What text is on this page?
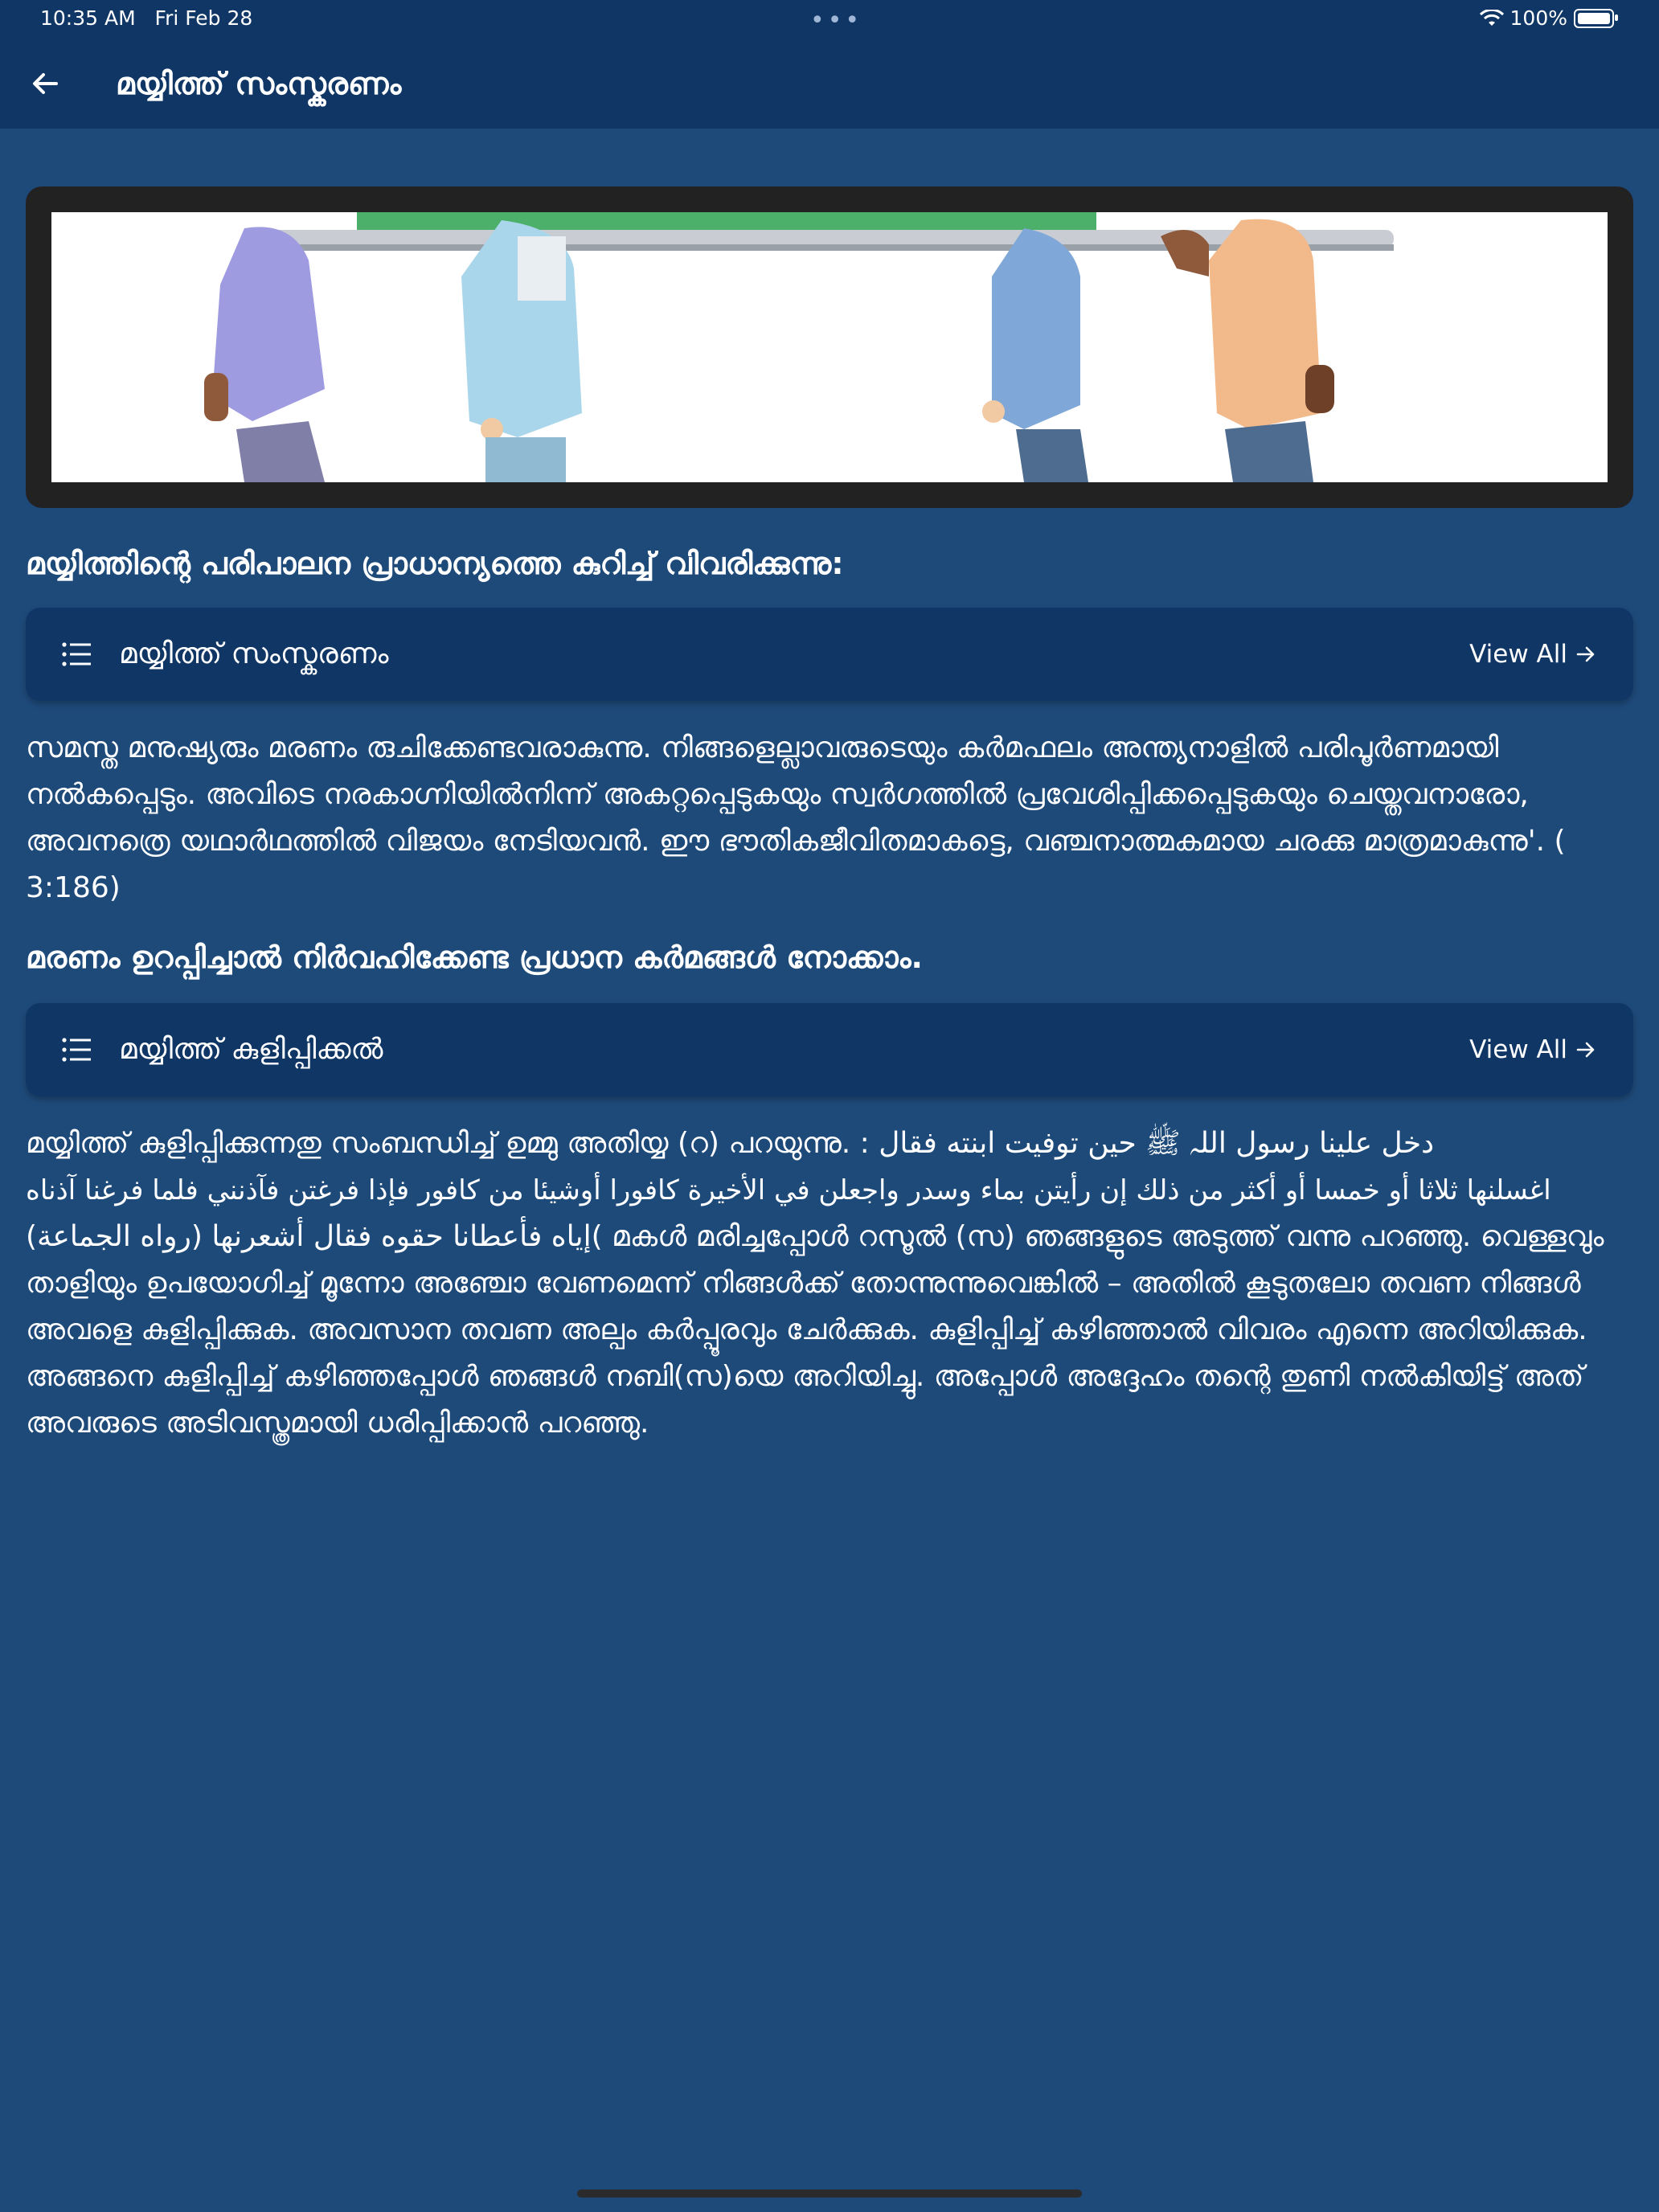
10:35 AM Fri Feb 28	•••	100%
മയ്യിത്ത് സംസ്കരണം
മയ്യിത്തിന്റെ പരിപാലന പ്രാധാന്യത്തെ കുറിച്ച് വിവരിക്കുന്നു:
മയ്യിത്ത് സംസ്കരണം	View All

സമസ്ത മനുഷ്യരും മരണം രുചിക്കേണ്ടവരാകുന്നു. നിങ്ങളെല്ലാവരുടെയും കർമഫലം അന്ത്യനാളിൽ പരിപൂർണമായി നൽകപ്പെടും. അവിടെ നരകാഗ്നിയിൽനിന്ന് അകറ്റപ്പെടുകയും സ്വർഗത്തിൽ പ്രവേശിപ്പിക്കപ്പെടുകയും ചെയ്തവനാരോ, അവനത്രെ യഥാർഥത്തിൽ വിജയം നേടിയവൻ. ഈ ഭൗതികജീവിതമാകട്ടെ, വഞ്ചനാത്മകമായ ചരക്കു മാത്രമാകുന്നു'. ( 3:186)

മരണം ഉറപ്പിച്ചാൽ നിർവഹിക്കേണ്ട പ്രധാന കർമങ്ങൾ നോക്കാം.
മയ്യിത്ത് കുളിപ്പിക്കൽ	View All

മയ്യിത്ത് കുളിപ്പിക്കുന്നതു സംബന്ധിച്ച് ഉമ്മു അതിയ്യ (റ) പറയുന്നു. : دخل علينا رسول اللہ ﷺ حين توفيت ابنته فقال

اغسلنها ثلاثا أو خمسا أو أكثر من ذلك إن رأيتن بماء وسدر واجعلن في الأخيرة كافورا أوشيئا من كافور فإذا فرغتن فآذنني فلما فرغنا آذناه

(رواه الجماعة) إياه فأعطانا حقوه فقال أشعرنها( മകൾ മരിച്ചപ്പോൾ റസൂൽ (സ) ഞങ്ങളുടെ അടുത്ത് വന്നു പറഞ്ഞു. വെള്ളവും താളിയും ഉപയോഗിച്ച് മൂന്നോ അഞ്ചോ വേണമെന്ന് നിങ്ങൾക്ക് തോന്നുന്നുവെങ്കിൽ – അതിൽ കൂടുതലോ തവണ നിങ്ങൾ അവളെ കുളിപ്പിക്കുക. അവസാന തവണ അല്പം കർപ്പൂരവും ചേർക്കുക. കുളിപ്പിച്ച് കഴിഞ്ഞാൽ വിവരം എന്നെ അറിയിക്കുക. അങ്ങനെ കുളിപ്പിച്ച് കഴിഞ്ഞപ്പോൾ ഞങ്ങൾ നബി(സ)യെ അറിയിച്ചു. അപ്പോൾ അദ്ദേഹം തന്റെ തുണി നൽകിയിട്ട് അത് അവരുടെ അടിവസ്ത്രമായി ധരിപ്പിക്കാൻ പറഞ്ഞു.
